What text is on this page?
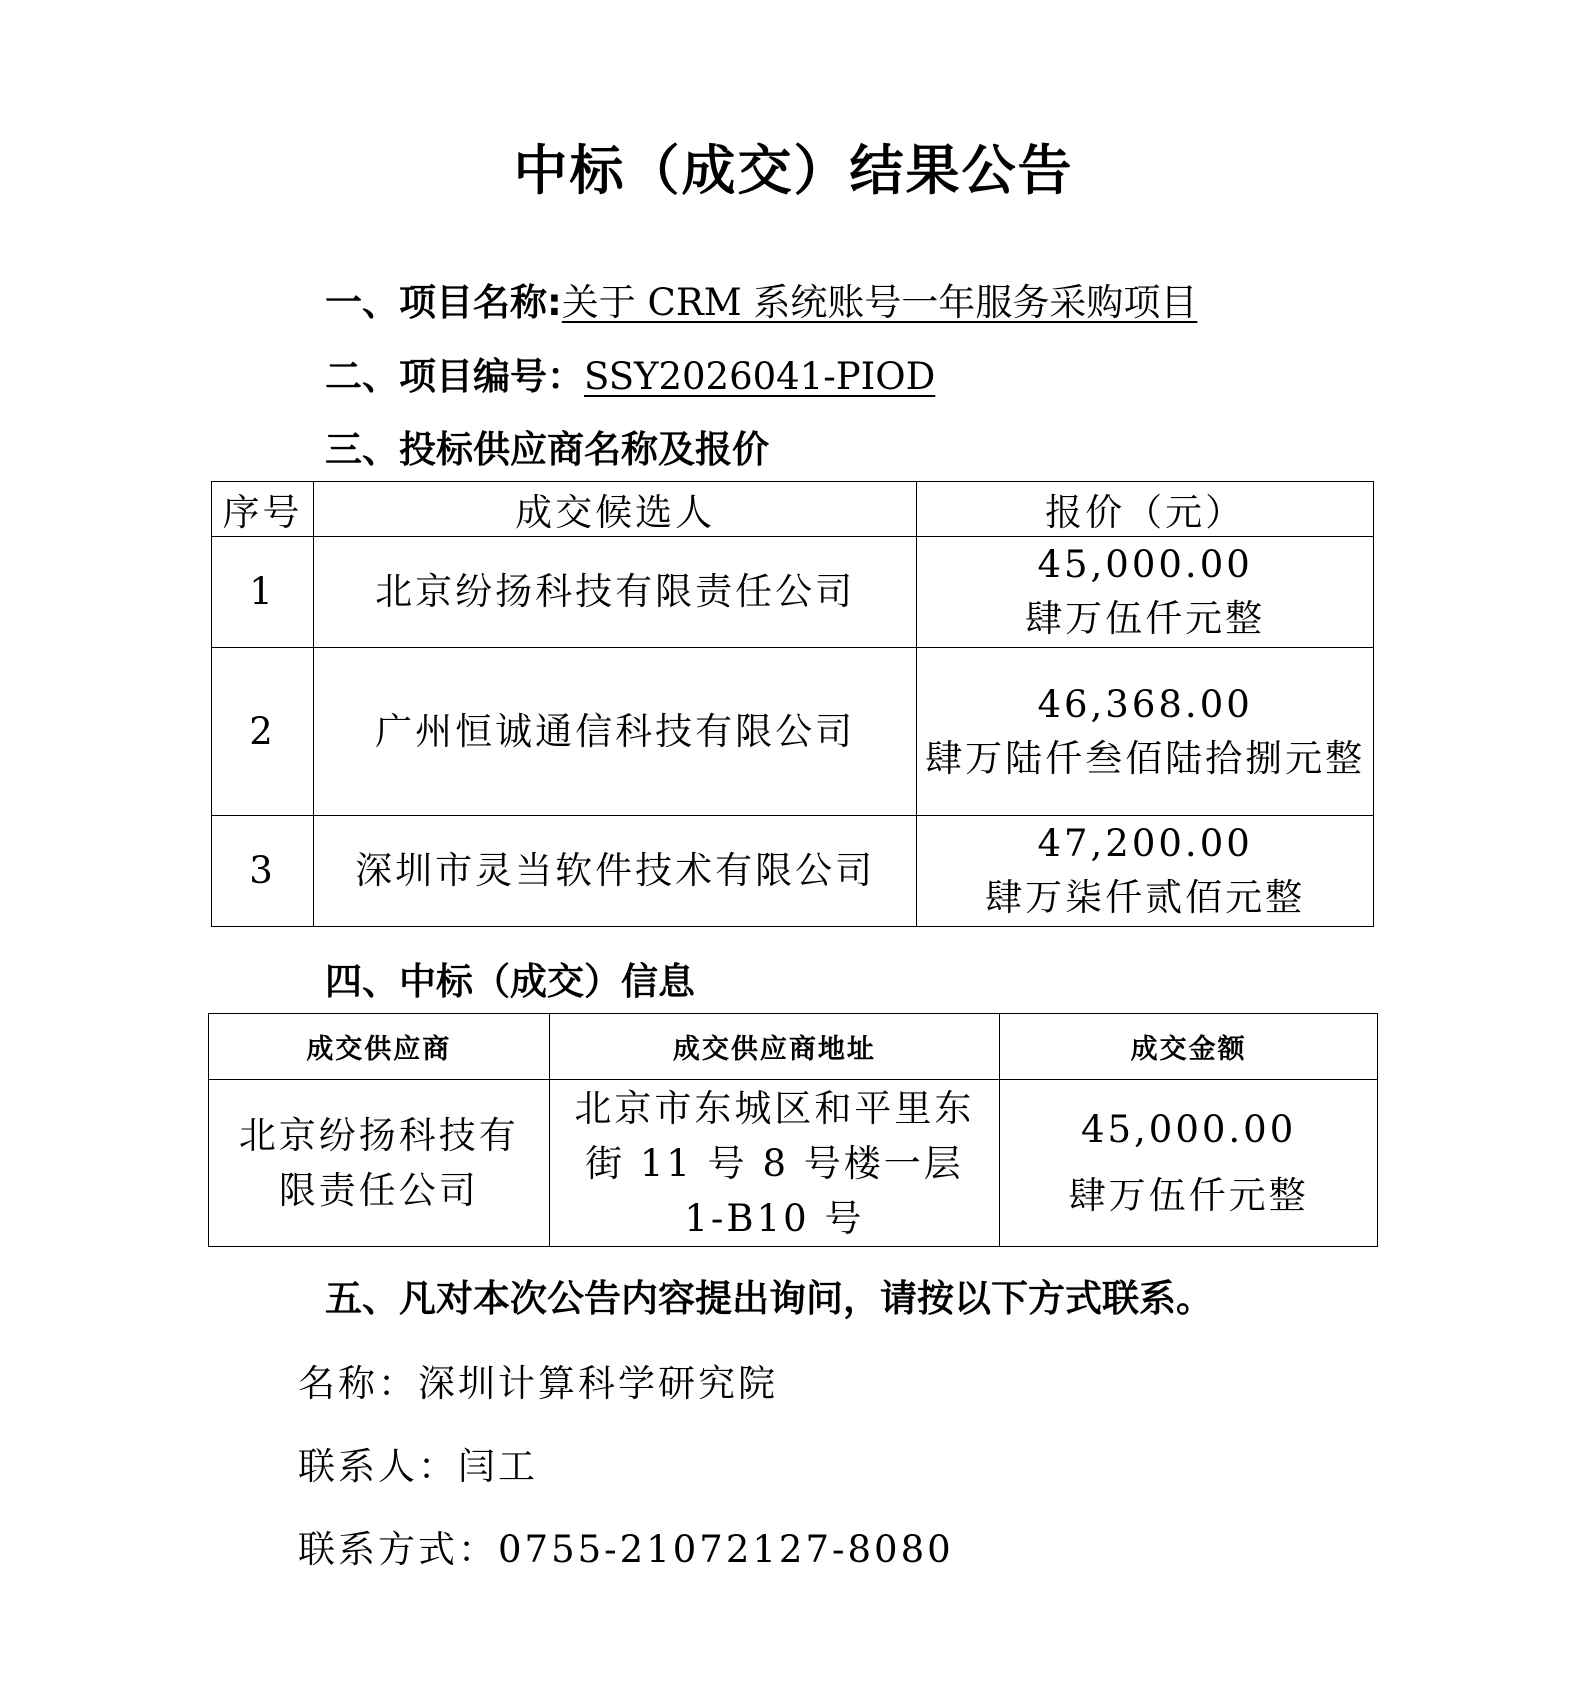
中标（成交）结果公告
一、项目名称:关于 CRM 系统账号一年服务采购项目
二、项目编号：SSY2026041-PIOD
三、投标供应商名称及报价
序号	成交候选人	报价（元）
1	北京纷扬科技有限责任公司	45,000.00
肆万伍仟元整

2	广州恒诚通信科技有限公司	46,368.00
肆万陆仟叁佰陆拾捌元整

3	深圳市灵当软件技术有限公司	47,200.00
肆万柒仟贰佰元整
四、中标（成交）信息
成交供应商	成交供应商地址	成交金额
北京纷扬科技有限责任公司	北京市东城区和平里东街 11 号 8 号楼一层 1-B10 号	45,000.00
肆万伍仟元整
五、凡对本次公告内容提出询问，请按以下方式联系。
名称：深圳计算科学研究院
联系人：闫工
联系方式：0755-21072127-8080
